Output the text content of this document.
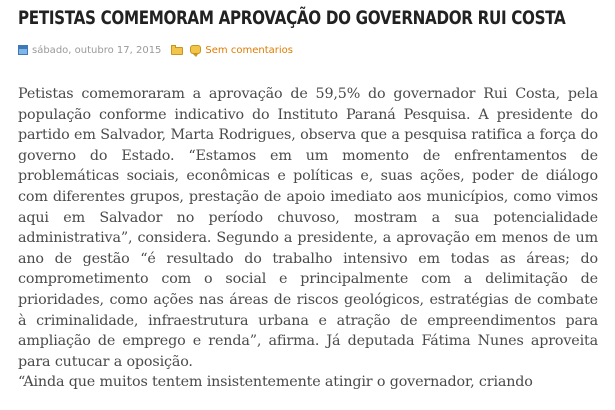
PETISTAS COMEMORAM APROVAÇÃO DO GOVERNADOR RUI COSTA
sábado, outubro 17, 2015	Sem comentarios

Petistas comemoraram a aprovação de 59,5% do governador Rui Costa, pela população conforme indicativo do Instituto Paraná Pesquisa. A presidente do partido em Salvador, Marta Rodrigues, observa que a pesquisa ratifica a força do governo do Estado. “Estamos em um momento de enfrentamentos de problemáticas sociais, econômicas e políticas e, suas ações, poder de diálogo com diferentes grupos, prestação de apoio imediato aos municípios, como vimos aqui em Salvador no período chuvoso, mostram a sua potencialidade administrativa”, considera. Segundo a presidente, a aprovação em menos de um ano de gestão “é resultado do trabalho intensivo em todas as áreas; do comprometimento com o social e principalmente com a delimitação de prioridades, como ações nas áreas de riscos geológicos, estratégias de combate à criminalidade, infraestrutura urbana e atração de empreendimentos para ampliação de emprego e renda”, afirma. Já deputada Fátima Nunes aproveita para cutucar a oposição.

“Ainda que muitos tentem insistentemente atingir o governador, criando
